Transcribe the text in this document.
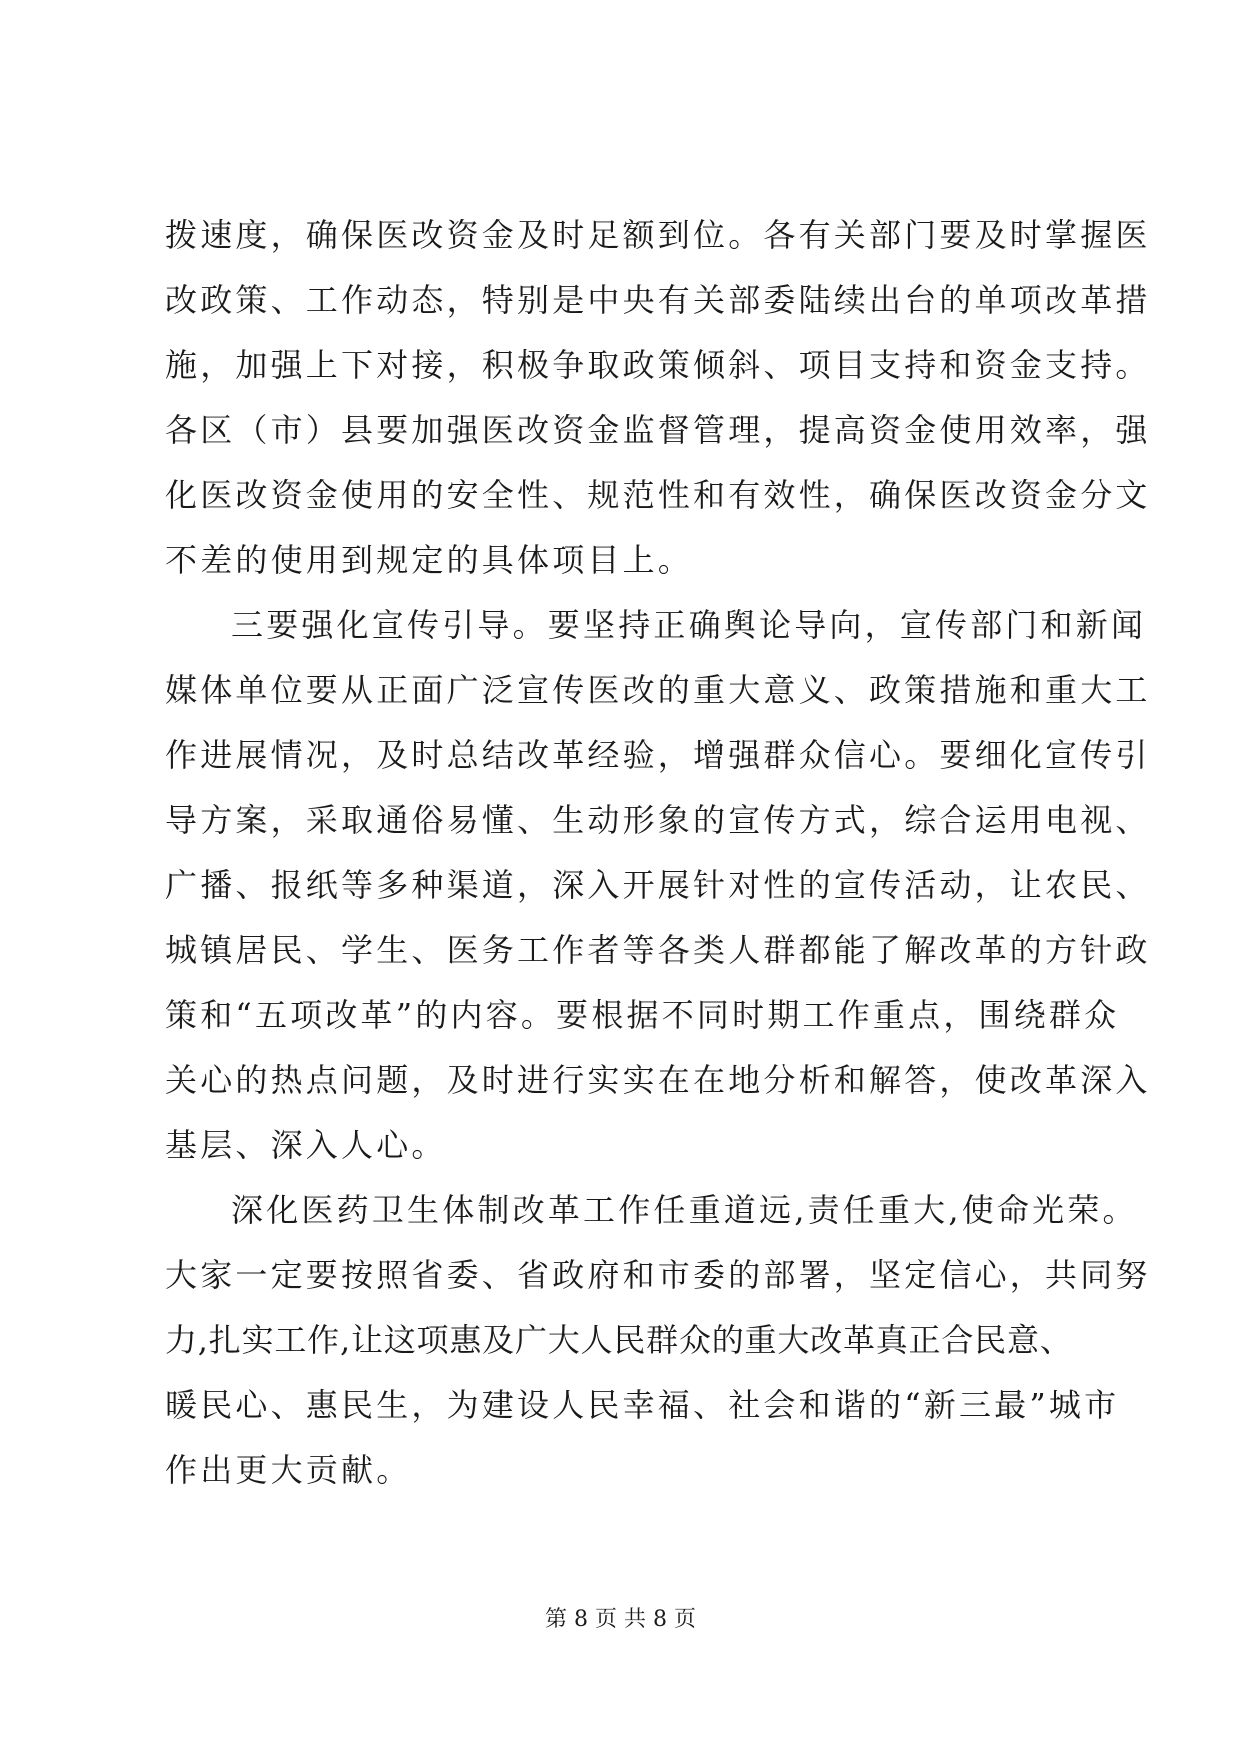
拨速度，确保医改资金及时足额到位。各有关部门要及时掌握医
改政策、工作动态，特别是中央有关部委陆续出台的单项改革措
施，加强上下对接，积极争取政策倾斜、项目支持和资金支持。
各区（市）县要加强医改资金监督管理，提高资金使用效率，强
化医改资金使用的安全性、规范性和有效性，确保医改资金分文
不差的使用到规定的具体项目上。
三要强化宣传引导。要坚持正确舆论导向，宣传部门和新闻
媒体单位要从正面广泛宣传医改的重大意义、政策措施和重大工
作进展情况，及时总结改革经验，增强群众信心。要细化宣传引
导方案，采取通俗易懂、生动形象的宣传方式，综合运用电视、
广播、报纸等多种渠道，深入开展针对性的宣传活动，让农民、
城镇居民、学生、医务工作者等各类人群都能了解改革的方针政
策和“五项改革”的内容。要根据不同时期工作重点，围绕群众
关心的热点问题，及时进行实实在在地分析和解答，使改革深入
基层、深入人心。
深化医药卫生体制改革工作任重道远,责任重大,使命光荣。
大家一定要按照省委、省政府和市委的部署，坚定信心，共同努
力,扎实工作,让这项惠及广大人民群众的重大改革真正合民意、
暖民心、惠民生，为建设人民幸福、社会和谐的“新三最”城市
作出更大贡献。
第 8 页 共 8 页
